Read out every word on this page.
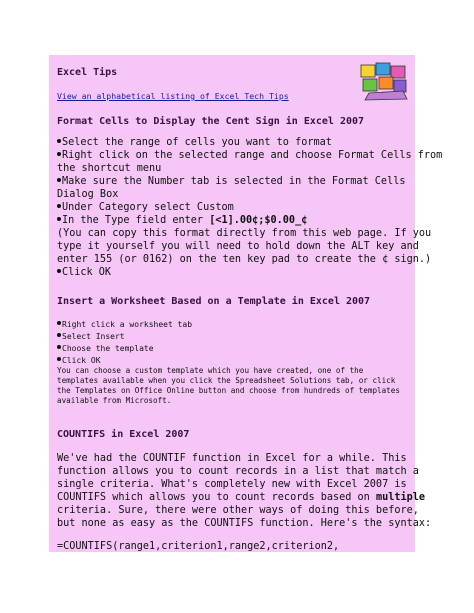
Excel Tips
View an alphabetical listing of Excel Tech Tips
Format Cells to Display the Cent Sign in Excel 2007
Select the range of cells you want to format
Right click on the selected range and choose Format Cells from
the shortcut menu
Make sure the Number tab is selected in the Format Cells
Dialog Box
Under Category select Custom
In the Type field enter [<1].00¢;$0.00_¢
(You can copy this format directly from this web page. If you
type it yourself you will need to hold down the ALT key and
enter 155 (or 0162) on the ten key pad to create the ¢ sign.)
Click OK
Insert a Worksheet Based on a Template in Excel 2007
Right click a worksheet tab
Select Insert
Choose the template
Click OK
You can choose a custom template which you have created, one of the
templates available when you click the Spreadsheet Solutions tab, or click
the Templates on Office Online button and choose from hundreds of templates
available from Microsoft.
COUNTIFS in Excel 2007
We've had the COUNTIF function in Excel for a while. This
function allows you to count records in a list that match a
single criteria. What's completely new with Excel 2007 is
COUNTIFS which allows you to count records based on multiple
criteria. Sure, there were other ways of doing this before,
but none as easy as the COUNTIFS function. Here's the syntax:
=COUNTIFS(range1,criterion1,range2,criterion2,
